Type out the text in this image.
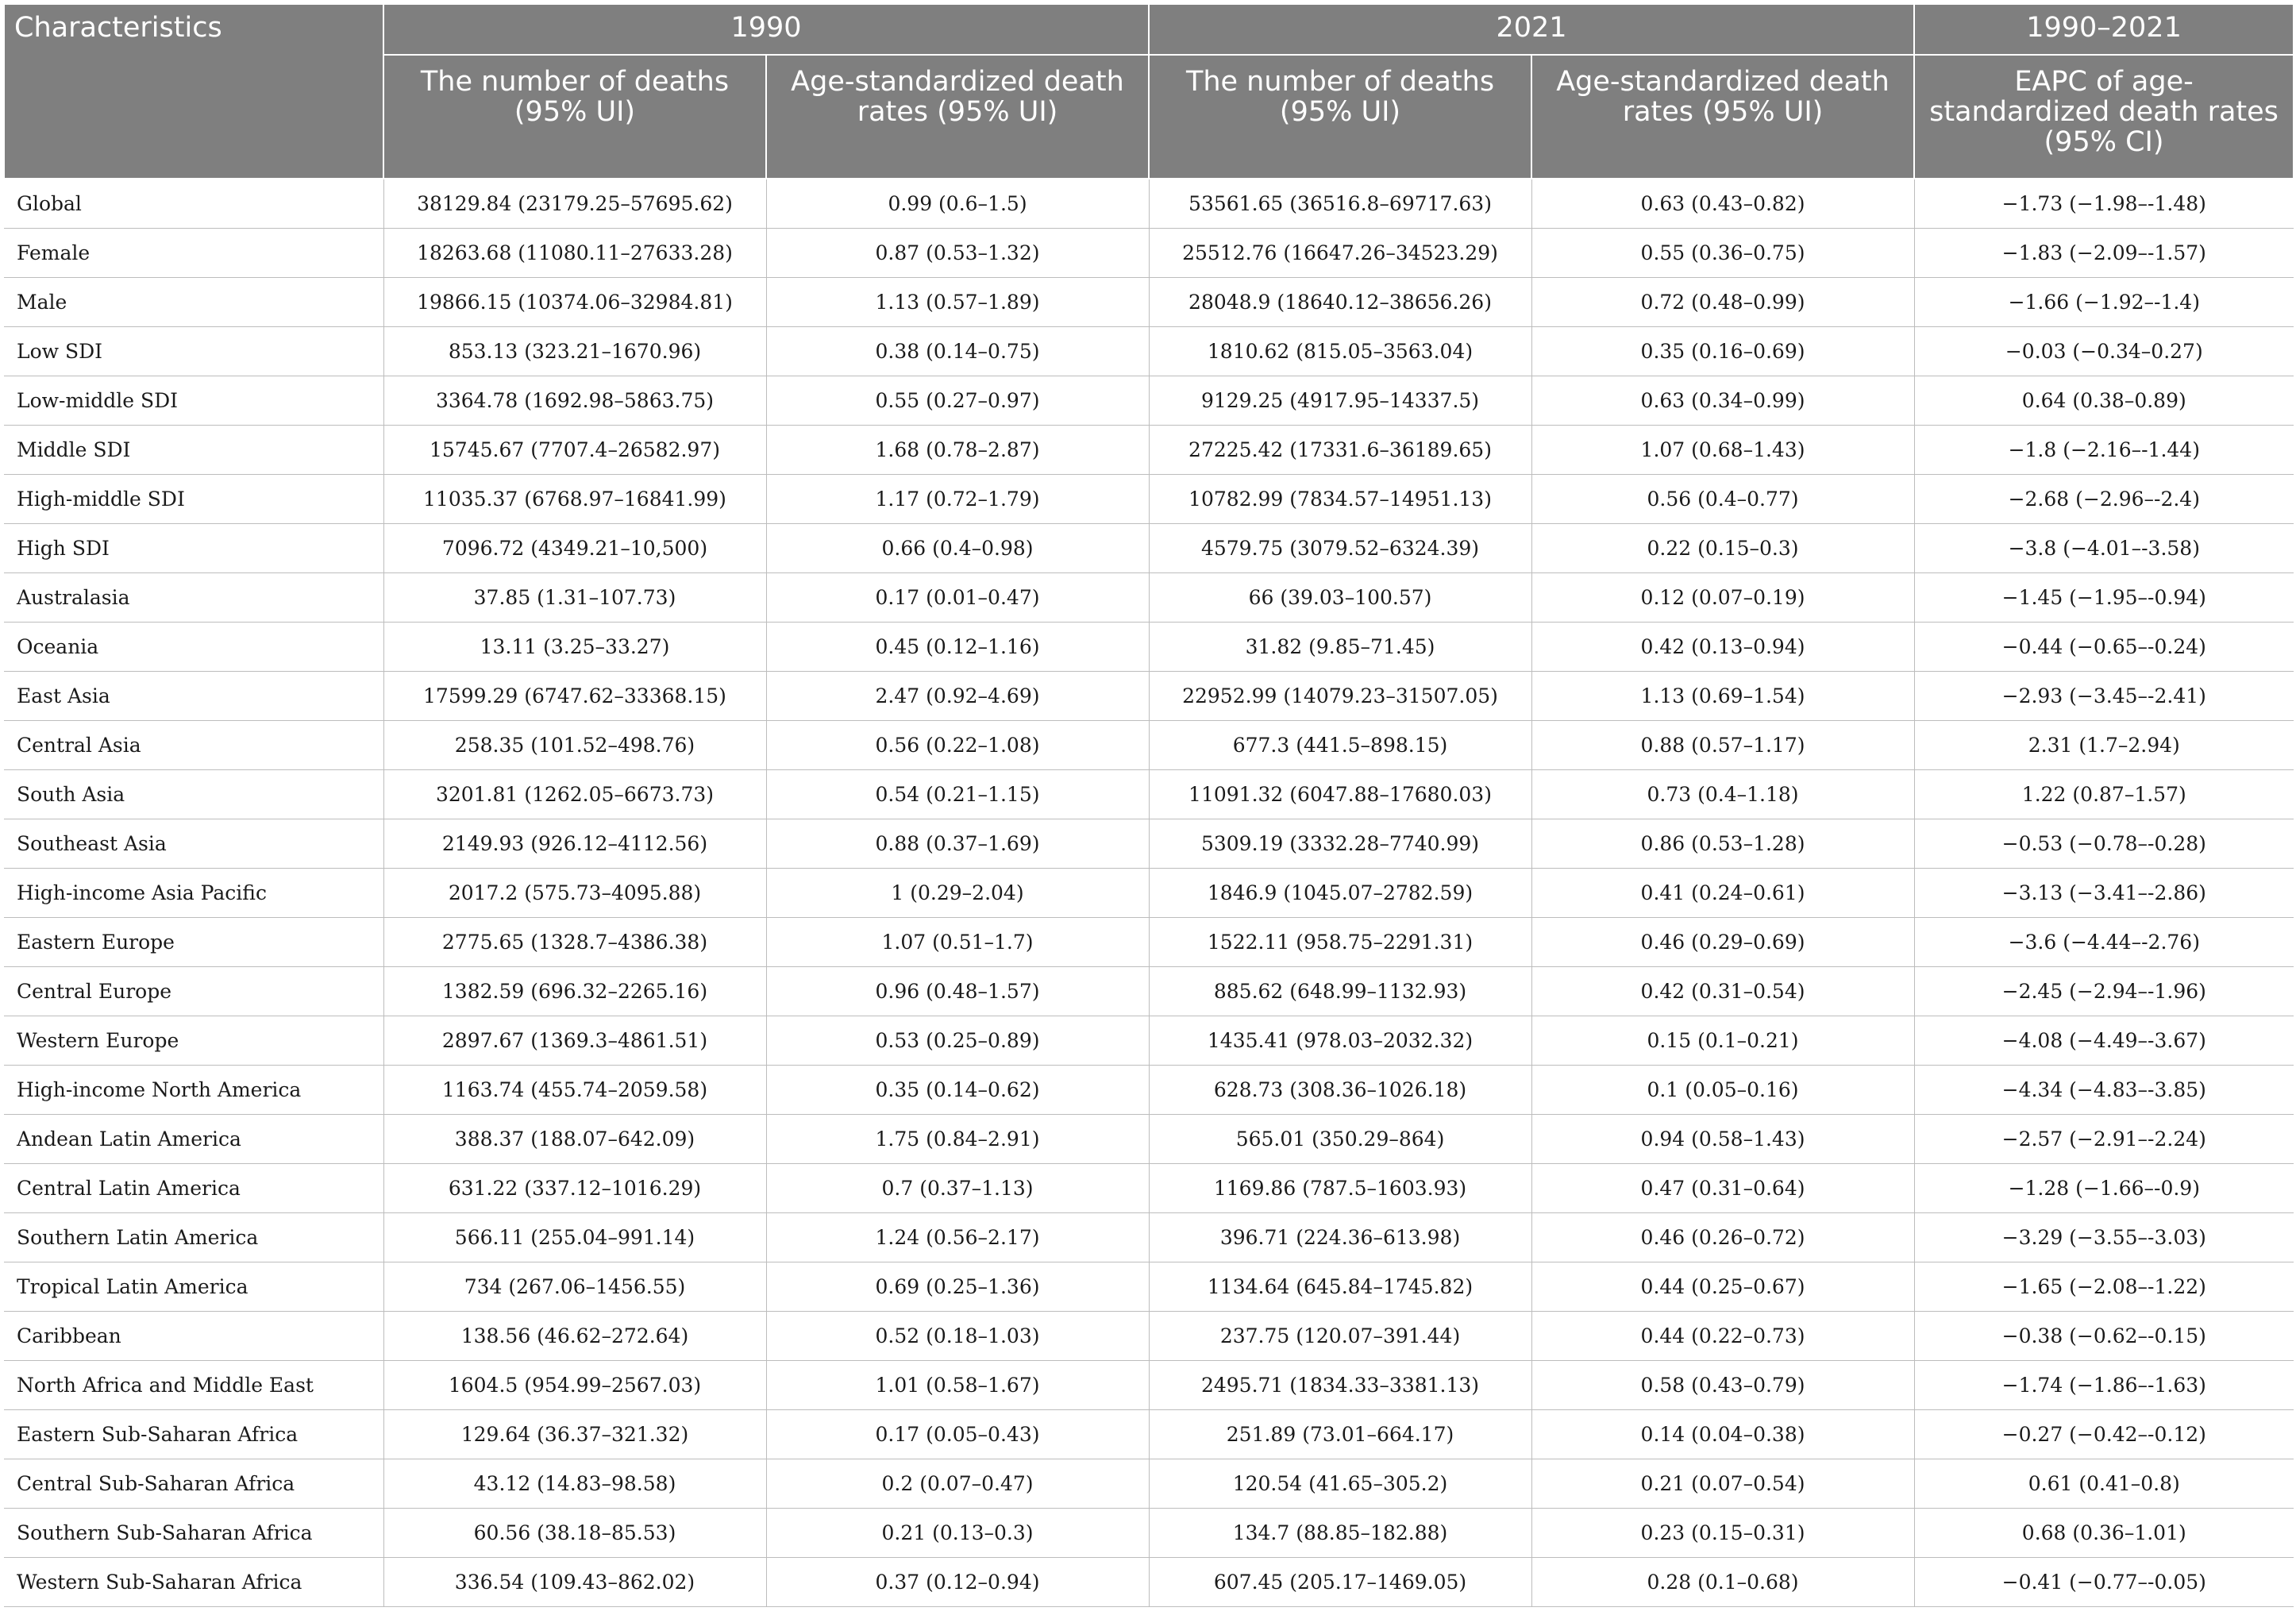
Characteristics	1990		2021		1990–2021
	The number of deaths (95% UI)	Age-standardized death rates (95% UI)	The number of deaths (95% UI)	Age-standardized death rates (95% UI)	EAPC of age-standardized death rates (95% CI)
Global	38129.84 (23179.25–57695.62)	0.99 (0.6–1.5)	53561.65 (36516.8–69717.63)	0.63 (0.43–0.82)	−1.73 (−1.98–-1.48)
Female	18263.68 (11080.11–27633.28)	0.87 (0.53–1.32)	25512.76 (16647.26–34523.29)	0.55 (0.36–0.75)	−1.83 (−2.09–-1.57)
Male	19866.15 (10374.06–32984.81)	1.13 (0.57–1.89)	28048.9 (18640.12–38656.26)	0.72 (0.48–0.99)	−1.66 (−1.92–-1.4)
Low SDI	853.13 (323.21–1670.96)	0.38 (0.14–0.75)	1810.62 (815.05–3563.04)	0.35 (0.16–0.69)	−0.03 (−0.34–0.27)
Low-middle SDI	3364.78 (1692.98–5863.75)	0.55 (0.27–0.97)	9129.25 (4917.95–14337.5)	0.63 (0.34–0.99)	0.64 (0.38–0.89)
Middle SDI	15745.67 (7707.4–26582.97)	1.68 (0.78–2.87)	27225.42 (17331.6–36189.65)	1.07 (0.68–1.43)	−1.8 (−2.16–-1.44)
High-middle SDI	11035.37 (6768.97–16841.99)	1.17 (0.72–1.79)	10782.99 (7834.57–14951.13)	0.56 (0.4–0.77)	−2.68 (−2.96–-2.4)
High SDI	7096.72 (4349.21–10,500)	0.66 (0.4–0.98)	4579.75 (3079.52–6324.39)	0.22 (0.15–0.3)	−3.8 (−4.01–-3.58)
Australasia	37.85 (1.31–107.73)	0.17 (0.01–0.47)	66 (39.03–100.57)	0.12 (0.07–0.19)	−1.45 (−1.95–-0.94)
Oceania	13.11 (3.25–33.27)	0.45 (0.12–1.16)	31.82 (9.85–71.45)	0.42 (0.13–0.94)	−0.44 (−0.65–-0.24)
East Asia	17599.29 (6747.62–33368.15)	2.47 (0.92–4.69)	22952.99 (14079.23–31507.05)	1.13 (0.69–1.54)	−2.93 (−3.45–-2.41)
Central Asia	258.35 (101.52–498.76)	0.56 (0.22–1.08)	677.3 (441.5–898.15)	0.88 (0.57–1.17)	2.31 (1.7–2.94)
South Asia	3201.81 (1262.05–6673.73)	0.54 (0.21–1.15)	11091.32 (6047.88–17680.03)	0.73 (0.4–1.18)	1.22 (0.87–1.57)
Southeast Asia	2149.93 (926.12–4112.56)	0.88 (0.37–1.69)	5309.19 (3332.28–7740.99)	0.86 (0.53–1.28)	−0.53 (−0.78–-0.28)
High-income Asia Pacific	2017.2 (575.73–4095.88)	1 (0.29–2.04)	1846.9 (1045.07–2782.59)	0.41 (0.24–0.61)	−3.13 (−3.41–-2.86)
Eastern Europe	2775.65 (1328.7–4386.38)	1.07 (0.51–1.7)	1522.11 (958.75–2291.31)	0.46 (0.29–0.69)	−3.6 (−4.44–-2.76)
Central Europe	1382.59 (696.32–2265.16)	0.96 (0.48–1.57)	885.62 (648.99–1132.93)	0.42 (0.31–0.54)	−2.45 (−2.94–-1.96)
Western Europe	2897.67 (1369.3–4861.51)	0.53 (0.25–0.89)	1435.41 (978.03–2032.32)	0.15 (0.1–0.21)	−4.08 (−4.49–-3.67)
High-income North America	1163.74 (455.74–2059.58)	0.35 (0.14–0.62)	628.73 (308.36–1026.18)	0.1 (0.05–0.16)	−4.34 (−4.83–-3.85)
Andean Latin America	388.37 (188.07–642.09)	1.75 (0.84–2.91)	565.01 (350.29–864)	0.94 (0.58–1.43)	−2.57 (−2.91–-2.24)
Central Latin America	631.22 (337.12–1016.29)	0.7 (0.37–1.13)	1169.86 (787.5–1603.93)	0.47 (0.31–0.64)	−1.28 (−1.66–-0.9)
Southern Latin America	566.11 (255.04–991.14)	1.24 (0.56–2.17)	396.71 (224.36–613.98)	0.46 (0.26–0.72)	−3.29 (−3.55–-3.03)
Tropical Latin America	734 (267.06–1456.55)	0.69 (0.25–1.36)	1134.64 (645.84–1745.82)	0.44 (0.25–0.67)	−1.65 (−2.08–-1.22)
Caribbean	138.56 (46.62–272.64)	0.52 (0.18–1.03)	237.75 (120.07–391.44)	0.44 (0.22–0.73)	−0.38 (−0.62–-0.15)
North Africa and Middle East	1604.5 (954.99–2567.03)	1.01 (0.58–1.67)	2495.71 (1834.33–3381.13)	0.58 (0.43–0.79)	−1.74 (−1.86–-1.63)
Eastern Sub-Saharan Africa	129.64 (36.37–321.32)	0.17 (0.05–0.43)	251.89 (73.01–664.17)	0.14 (0.04–0.38)	−0.27 (−0.42–-0.12)
Central Sub-Saharan Africa	43.12 (14.83–98.58)	0.2 (0.07–0.47)	120.54 (41.65–305.2)	0.21 (0.07–0.54)	0.61 (0.41–0.8)
Southern Sub-Saharan Africa	60.56 (38.18–85.53)	0.21 (0.13–0.3)	134.7 (88.85–182.88)	0.23 (0.15–0.31)	0.68 (0.36–1.01)
Western Sub-Saharan Africa	336.54 (109.43–862.02)	0.37 (0.12–0.94)	607.45 (205.17–1469.05)	0.28 (0.1–0.68)	−0.41 (−0.77–-0.05)
